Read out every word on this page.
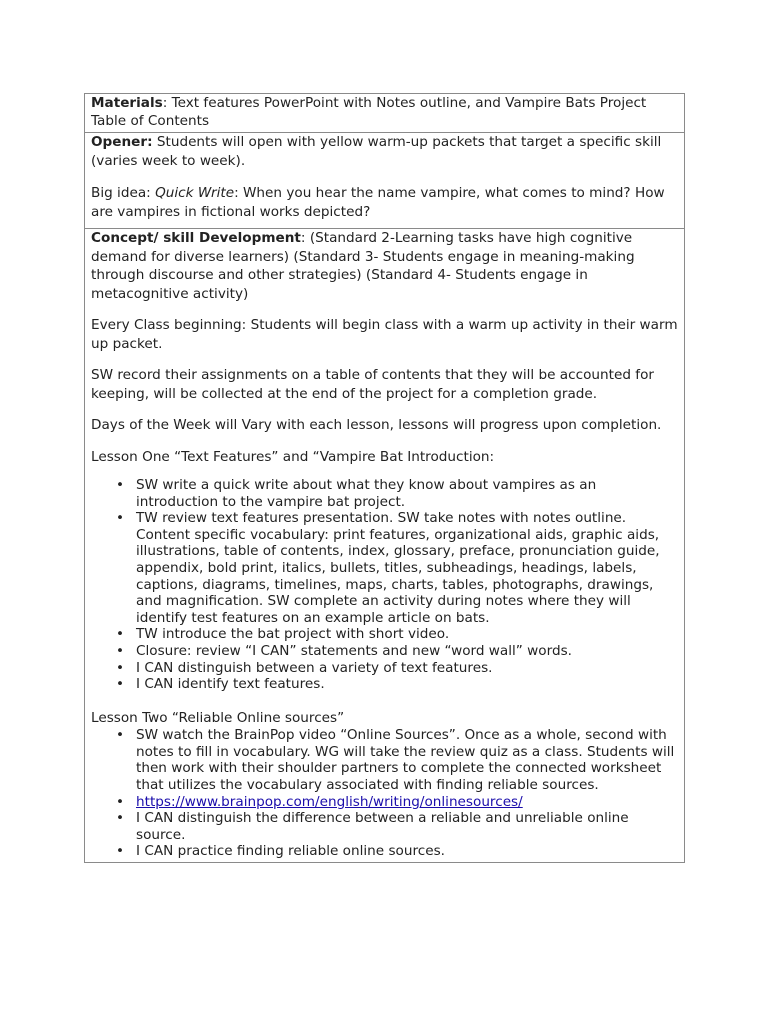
Materials: Text features PowerPoint with Notes outline, and Vampire Bats Project Table of Contents

Opener: Students will open with yellow warm-up packets that target a specific skill (varies week to week).

Big idea: Quick Write: When you hear the name vampire, what comes to mind? How are vampires in fictional works depicted?

Concept/ skill Development: (Standard 2-Learning tasks have high cognitive demand for diverse learners) (Standard 3- Students engage in meaning-making through discourse and other strategies) (Standard 4- Students engage in metacognitive activity)

Every Class beginning: Students will begin class with a warm up activity in their warm up packet.

SW record their assignments on a table of contents that they will be accounted for keeping, will be collected at the end of the project for a completion grade.

Days of the Week will Vary with each lesson, lessons will progress upon completion.

Lesson One “Text Features” and “Vampire Bat Introduction:

• SW write a quick write about what they know about vampires as an introduction to the vampire bat project.
• TW review text features presentation. SW take notes with notes outline. Content specific vocabulary: print features, organizational aids, graphic aids, illustrations, table of contents, index, glossary, preface, pronunciation guide, appendix, bold print, italics, bullets, titles, subheadings, headings, labels, captions, diagrams, timelines, maps, charts, tables, photographs, drawings, and magnification. SW complete an activity during notes where they will identify test features on an example article on bats.
• TW introduce the bat project with short video.
• Closure: review “I CAN” statements and new “word wall” words.
• I CAN distinguish between a variety of text features.
• I CAN identify text features.

Lesson Two “Reliable Online sources”

• SW watch the BrainPop video “Online Sources”. Once as a whole, second with notes to fill in vocabulary. WG will take the review quiz as a class. Students will then work with their shoulder partners to complete the connected worksheet that utilizes the vocabulary associated with finding reliable sources.
• https://www.brainpop.com/english/writing/onlinesources/
• I CAN distinguish the difference between a reliable and unreliable online source.
• I CAN practice finding reliable online sources.
